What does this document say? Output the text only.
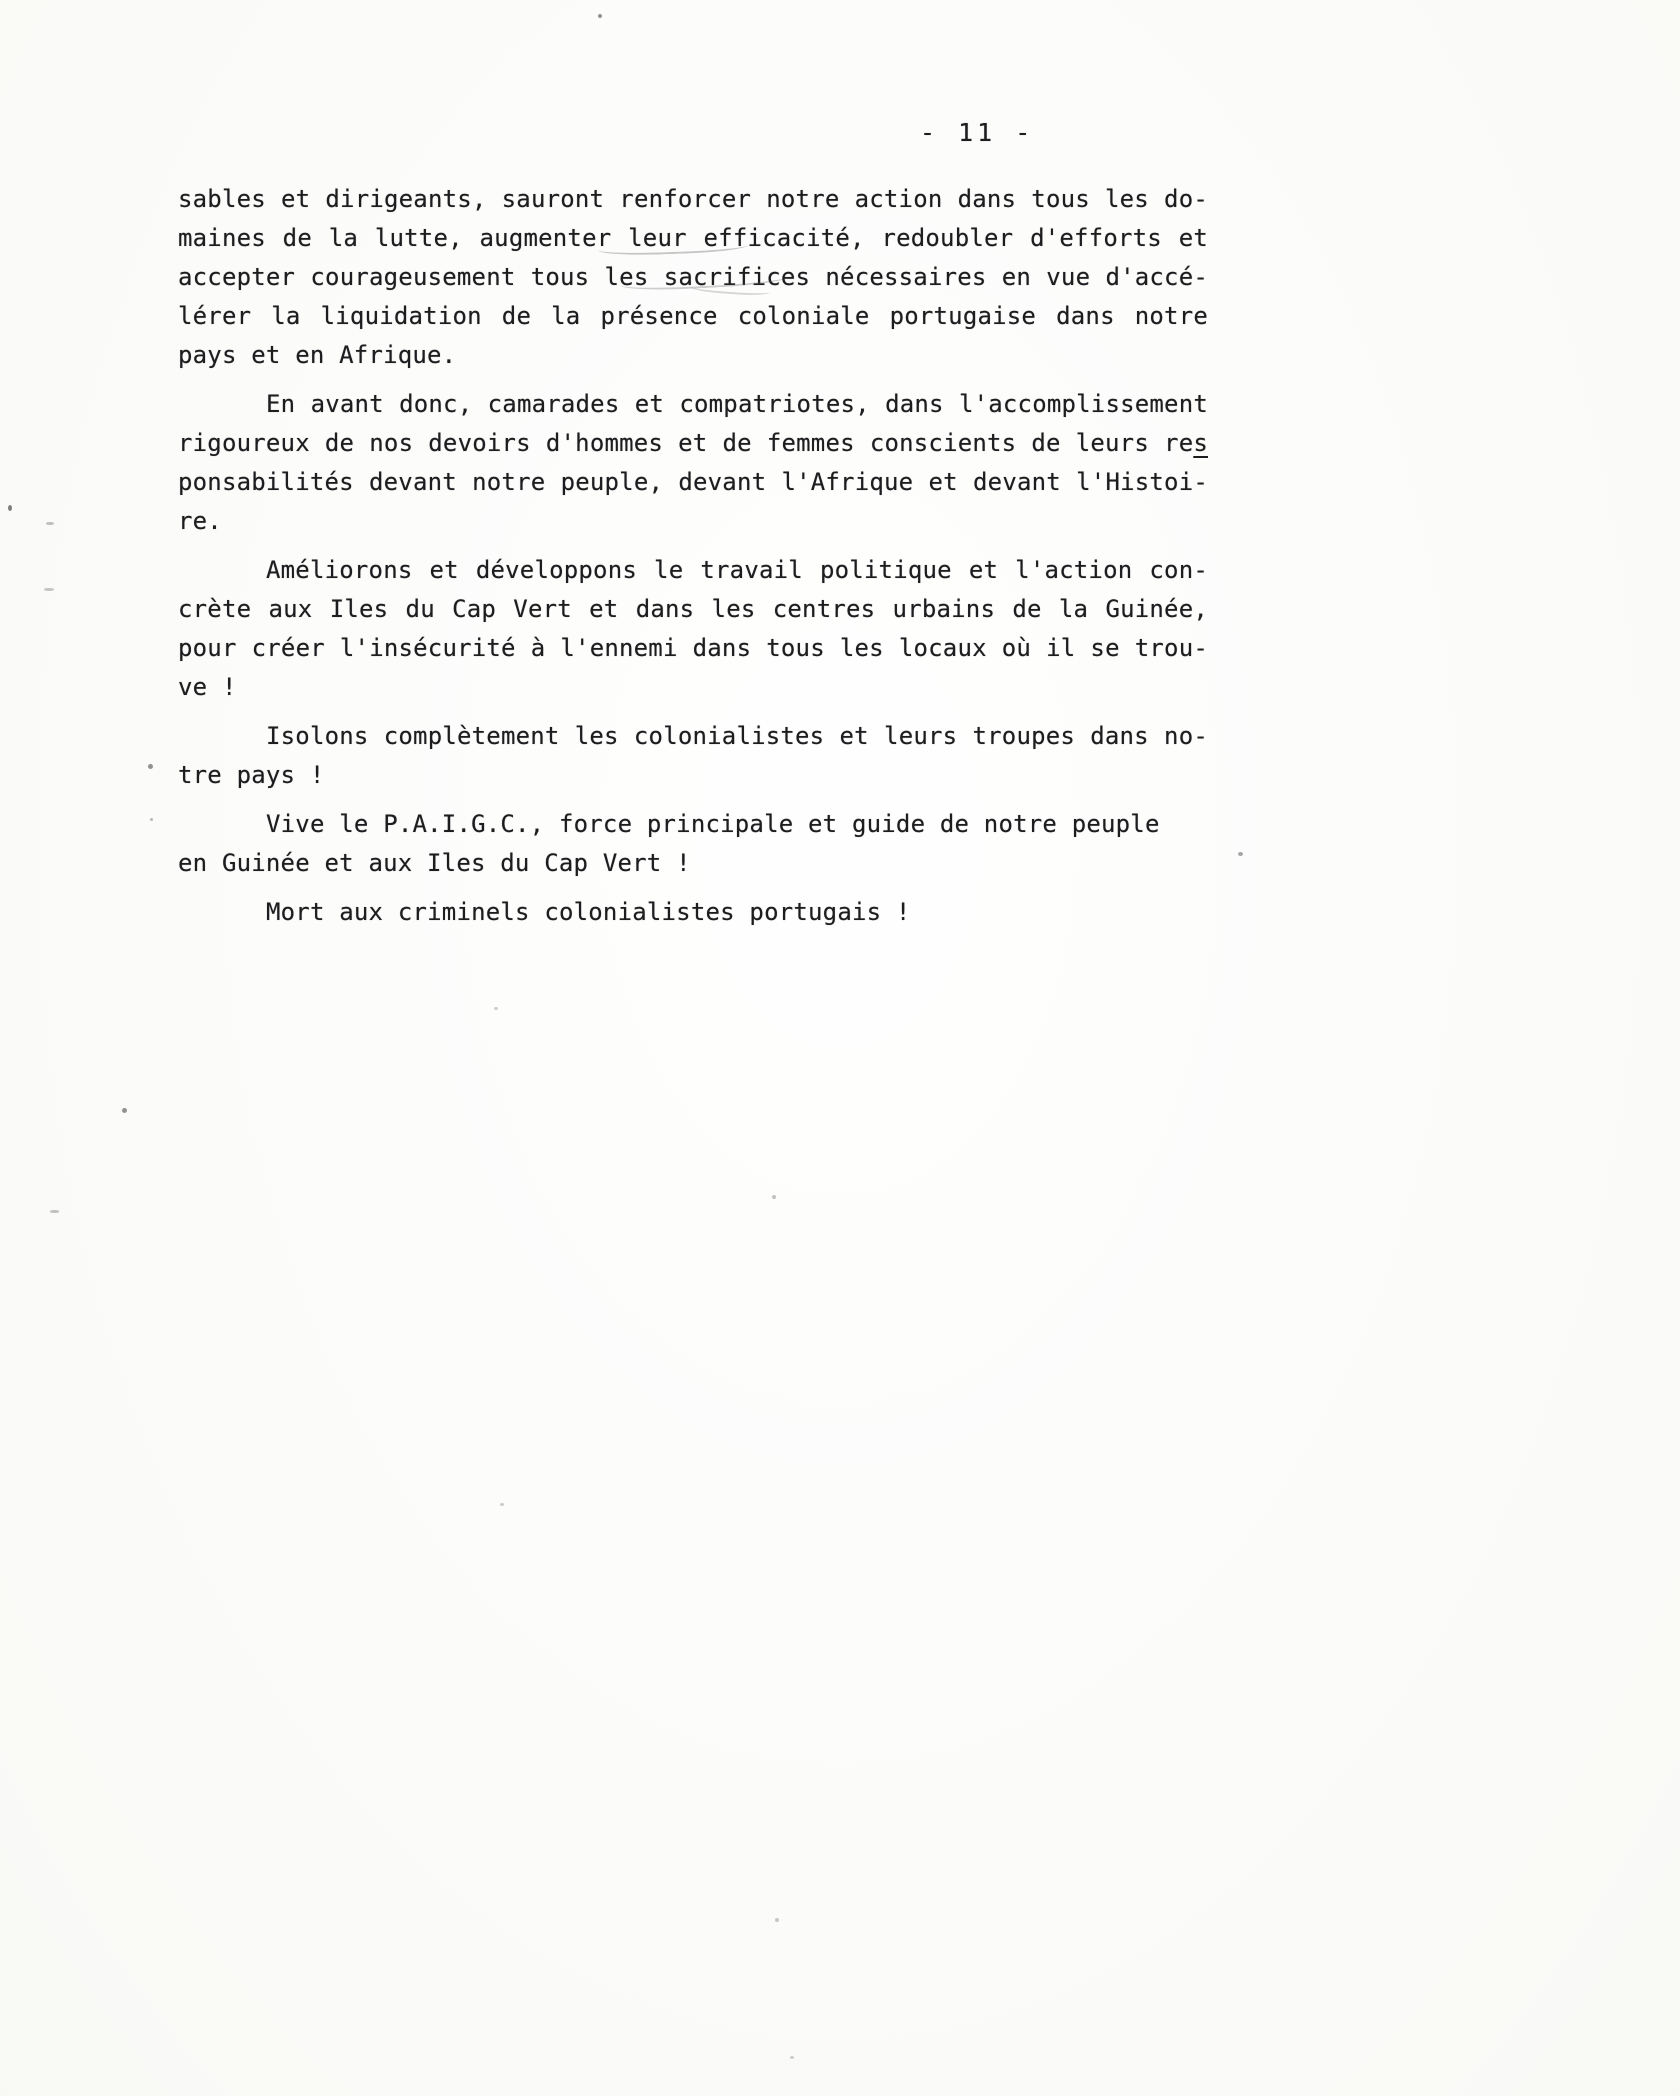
- 11 -

sables et dirigeants, sauront renforcer notre action dans tous les do-
maines de la lutte, augmenter leur efficacité, redoubler d'efforts et
accepter courageusement tous les sacrifices nécessaires en vue d'accé-
lérer la liquidation de la présence coloniale portugaise dans notre
pays et en Afrique.

En avant donc, camarades et compatriotes, dans l'accomplissement
rigoureux de nos devoirs d'hommes et de femmes conscients de leurs res
ponsabilités devant notre peuple, devant l'Afrique et devant l'Histoi-
re.

Améliorons et développons le travail politique et l'action con-
crète aux Iles du Cap Vert et dans les centres urbains de la Guinée,
pour créer l'insécurité à l'ennemi dans tous les locaux où il se trou-
ve !

Isolons complètement les colonialistes et leurs troupes dans no-
tre pays !

Vive le P.A.I.G.C., force principale et guide de notre peuple
en Guinée et aux Iles du Cap Vert !

Mort aux criminels colonialistes portugais !
